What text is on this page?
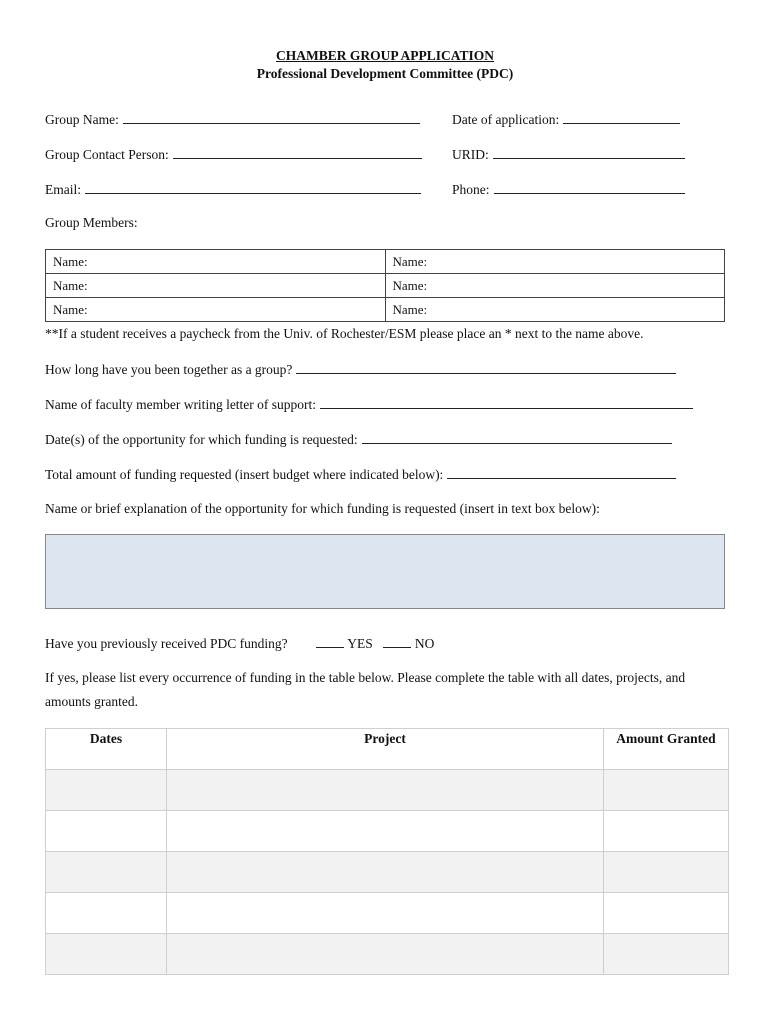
CHAMBER GROUP APPLICATION
Professional Development Committee (PDC)
Group Name:	Date of application:
Group Contact Person:	URID:
Email:	Phone:
Group Members:
Name:	Name:
Name:	Name:
Name:	Name:
**If a student receives a paycheck from the Univ. of Rochester/ESM please place an * next to the name above.
How long have you been together as a group?
Name of faculty member writing letter of support:
Date(s) of the opportunity for which funding is requested:
Total amount of funding requested (insert budget where indicated below):
Name or brief explanation of the opportunity for which funding is requested (insert in text box below):
Have you previously received PDC funding?	YES	NO
If yes, please list every occurrence of funding in the table below. Please complete the table with all dates, projects, and
amounts granted.
Dates	Project	Amount Granted
